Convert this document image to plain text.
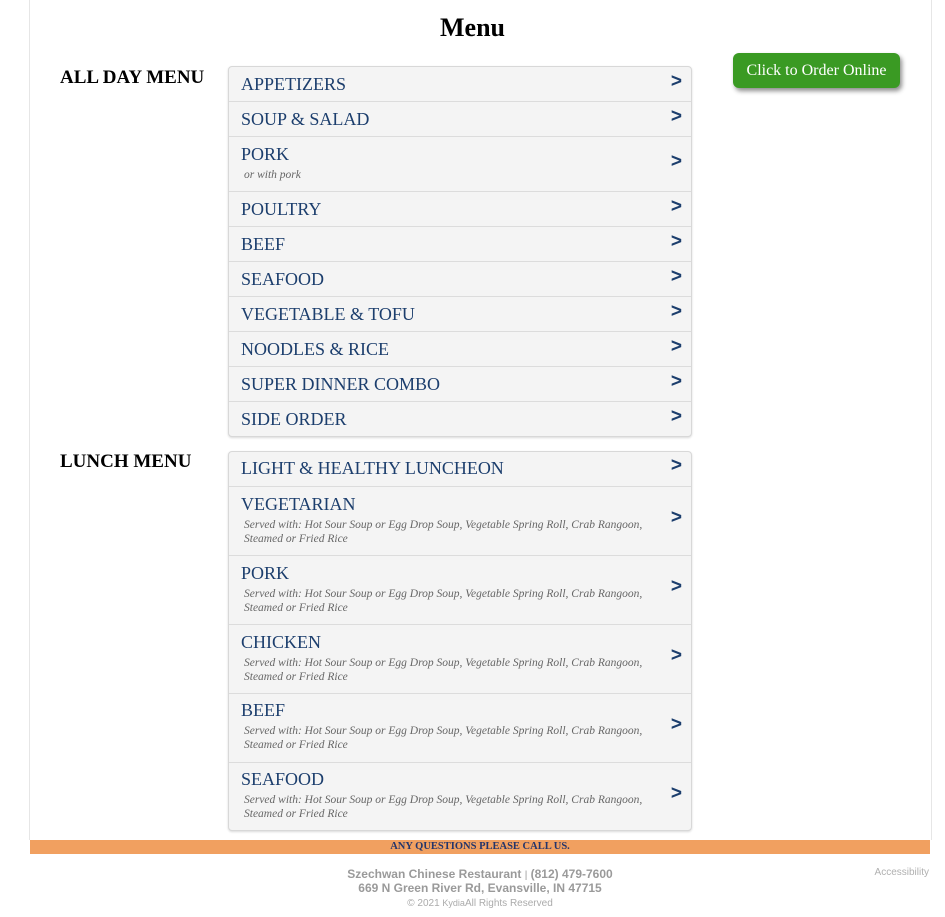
Menu
Click to Order Online
ALL DAY MENU APPETIZERS	>
SOUP & SALAD	>
PORK
or with pork
>
POULTRY	>
BEEF	>
SEAFOOD	>
VEGETABLE & TOFU	>
NOODLES & RICE	>
SUPER DINNER COMBO	>
SIDE ORDER	>
LUNCH MENU	LIGHT & HEALTHY LUNCHEON	>
VEGETARIAN
Served with: Hot Sour Soup or Egg Drop Soup, Vegetable Spring Roll, Crab Rangoon, Steamed or Fried Rice
>
PORK
Served with: Hot Sour Soup or Egg Drop Soup, Vegetable Spring Roll, Crab Rangoon, Steamed or Fried Rice
>
CHICKEN
Served with: Hot Sour Soup or Egg Drop Soup, Vegetable Spring Roll, Crab Rangoon, Steamed or Fried Rice
>
BEEF
Served with: Hot Sour Soup or Egg Drop Soup, Vegetable Spring Roll, Crab Rangoon, Steamed or Fried Rice
>
SEAFOOD
Served with: Hot Sour Soup or Egg Drop Soup, Vegetable Spring Roll, Crab Rangoon, Steamed or Fried Rice
>
ANY QUESTIONS PLEASE CALL US.
Szechwan Chinese Restaurant | (812) 479-7600
669 N Green River Rd, Evansville, IN 47715
© 2021 KydiaAll Rights Reserved
Accessibility
